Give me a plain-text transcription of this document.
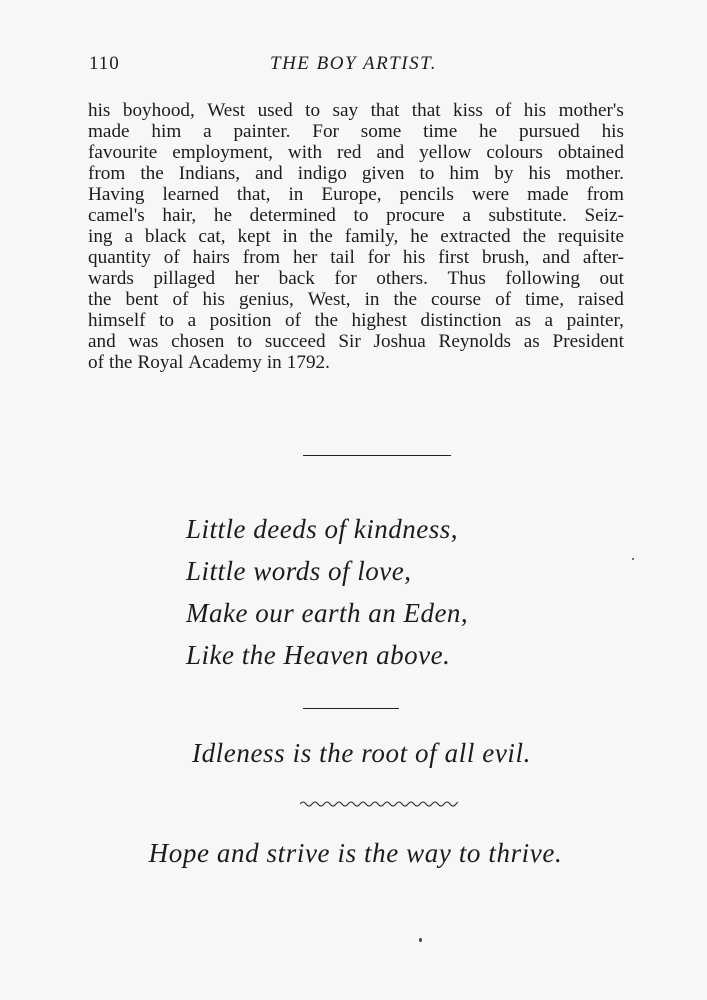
110	THE BOY ARTIST.
his boyhood, West used to say that that kiss of his mother's
made him a painter. For some time he pursued his
favourite employment, with red and yellow colours obtained
from the Indians, and indigo given to him by his mother.
Having learned that, in Europe, pencils were made from
camel's hair, he determined to procure a substitute. Seiz-
ing a black cat, kept in the family, he extracted the requisite
quantity of hairs from her tail for his first brush, and after-
wards pillaged her back for others. Thus following out
the bent of his genius, West, in the course of time, raised
himself to a position of the highest distinction as a painter,
and was chosen to succeed Sir Joshua Reynolds as President
of the Royal Academy in 1792.
Little deeds of kindness,
Little words of love,
Make our earth an Eden,
Like the Heaven above.
Idleness is the root of all evil.
Hope and strive is the way to thrive.
